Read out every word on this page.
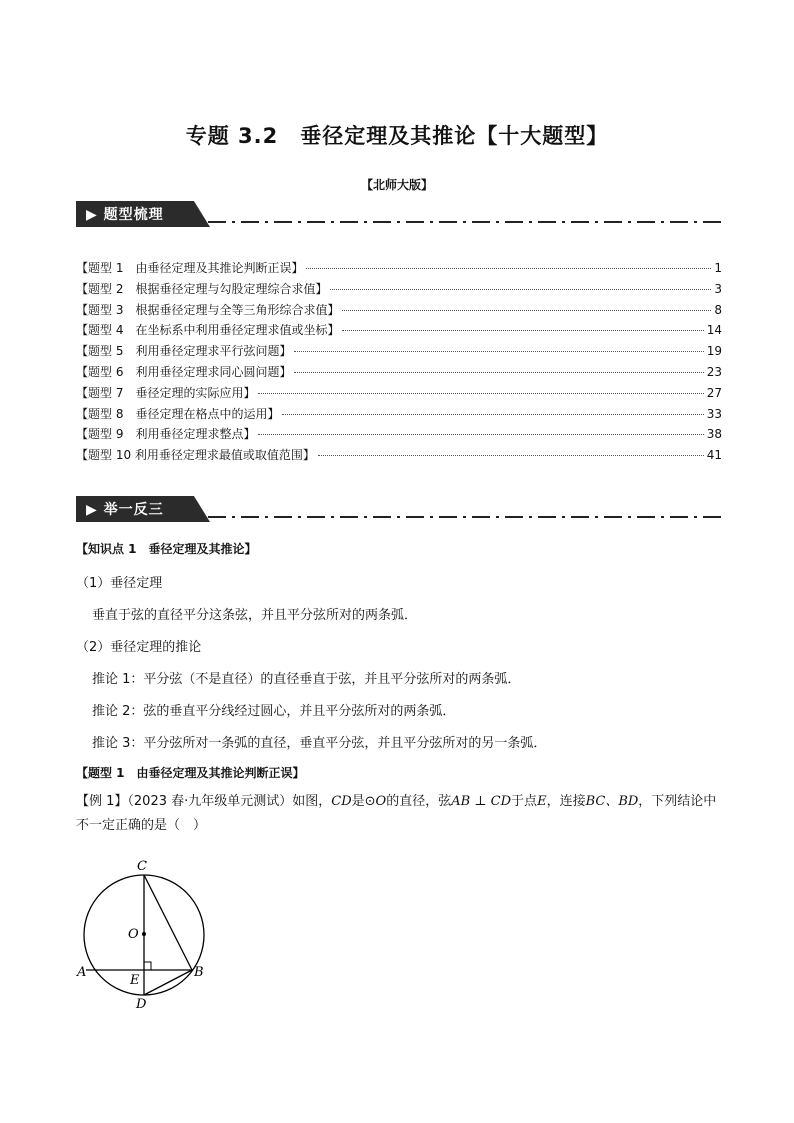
专题 3.2　垂径定理及其推论【十大题型】
【北师大版】
▶ 题型梳理
【题型 1　由垂径定理及其推论判断正误】	1
【题型 2　根据垂径定理与勾股定理综合求值】	3
【题型 3　根据垂径定理与全等三角形综合求值】	8
【题型 4　在坐标系中利用垂径定理求值或坐标】	14
【题型 5　利用垂径定理求平行弦问题】	19
【题型 6　利用垂径定理求同心圆问题】	23
【题型 7　垂径定理的实际应用】	27
【题型 8　垂径定理在格点中的运用】	33
【题型 9　利用垂径定理求整点】	38
【题型 10 利用垂径定理求最值或取值范围】	41
▶ 举一反三
【知识点 1　垂径定理及其推论】
（1）垂径定理
垂直于弦的直径平分这条弦，并且平分弦所对的两条弧．
（2）垂径定理的推论
推论 1：平分弦（不是直径）的直径垂直于弦，并且平分弦所对的两条弧．
推论 2：弦的垂直平分线经过圆心，并且平分弦所对的两条弧．
推论 3：平分弦所对一条弧的直径，垂直平分弦，并且平分弦所对的另一条弧．
【题型 1　由垂径定理及其推论判断正误】
【例 1】（2023 春·九年级单元测试）如图，CD是⊙O的直径，弦AB ⊥ CD于点E，连接BC、BD，下列结论中不一定正确的是（　）
C
O
A
E
B
D
